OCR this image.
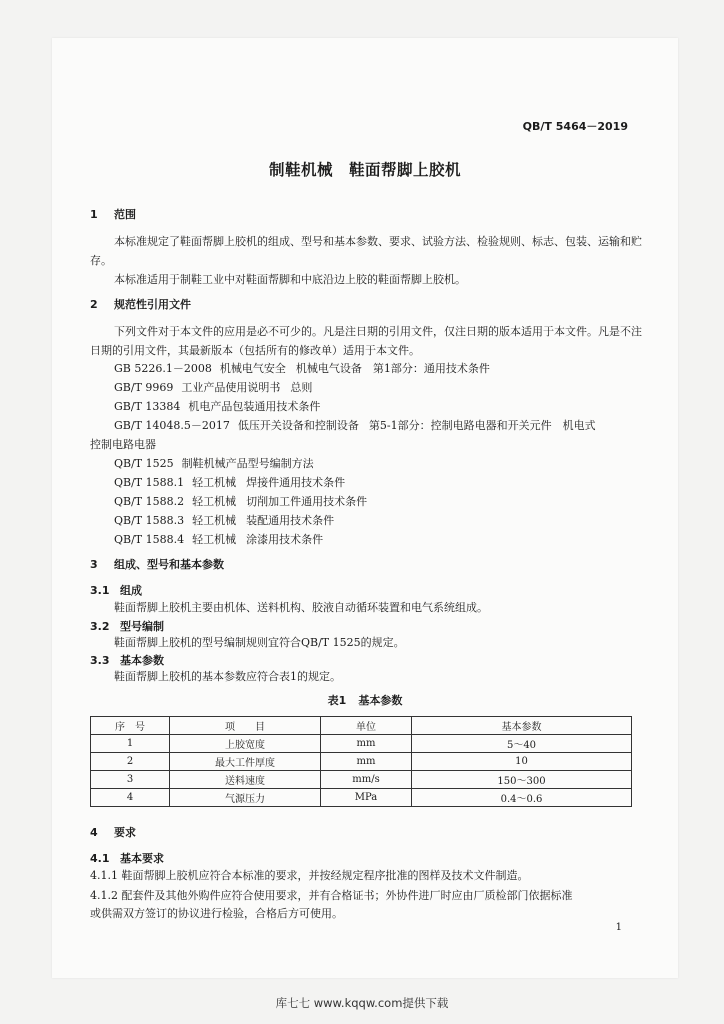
QB/T 5464－2019
制鞋机械 鞋面帮脚上胶机
1 范围
本标准规定了鞋面帮脚上胶机的组成、型号和基本参数、要求、试验方法、检验规则、标志、包装、运输和贮存。
本标准适用于制鞋工业中对鞋面帮脚和中底沿边上胶的鞋面帮脚上胶机。
2 规范性引用文件
下列文件对于本文件的应用是必不可少的。凡是注日期的引用文件，仅注日期的版本适用于本文件。凡是不注日期的引用文件，其最新版本（包括所有的修改单）适用于本文件。
GB 5226.1－2008 机械电气安全 机械电气设备　第1部分：通用技术条件
GB/T 9969 工业产品使用说明书 总则
GB/T 13384 机电产品包装通用技术条件
GB/T 14048.5－2017 低压开关设备和控制设备 第5-1部分：控制电路电器和开关元件　机电式
控制电路电器
QB/T 1525 制鞋机械产品型号编制方法
QB/T 1588.1 轻工机械 焊接件通用技术条件
QB/T 1588.2 轻工机械 切削加工件通用技术条件
QB/T 1588.3 轻工机械 装配通用技术条件
QB/T 1588.4 轻工机械 涂漆用技术条件
3 组成、型号和基本参数
3.1 组成
鞋面帮脚上胶机主要由机体、送料机构、胶液自动循环装置和电气系统组成。
3.2 型号编制
鞋面帮脚上胶机的型号编制规则宜符合QB/T 1525的规定。
3.3 基本参数
鞋面帮脚上胶机的基本参数应符合表1的规定。
表1 基本参数
序　号	项　　目	单位	基本参数
1	上胶宽度	mm	5～40
2	最大工件厚度	mm	10
3	送料速度	mm/s	150～300
4	气源压力	MPa	0.4～0.6
4 要求
4.1 基本要求
4.1.1 鞋面帮脚上胶机应符合本标准的要求，并按经规定程序批准的图样及技术文件制造。
4.1.2 配套件及其他外购件应符合使用要求，并有合格证书；外协件进厂时应由厂质检部门依据标准
或供需双方签订的协议进行检验，合格后方可使用。
1
库七七 www.kqqw.com提供下载
